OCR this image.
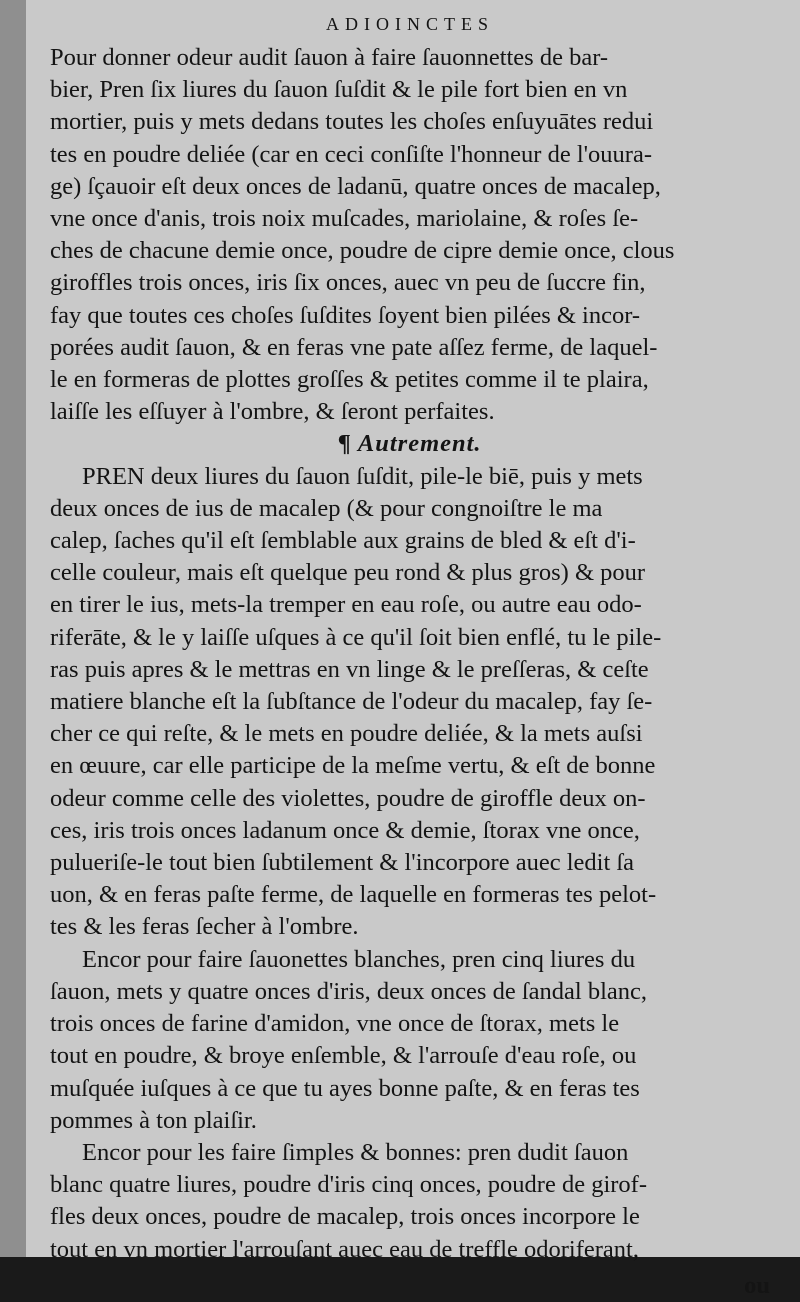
ADIOINCTES
Pour donner odeur audit ſauon à faire ſauonnettes de bar-
bier, Pren ſix liures du ſauon ſuſdit & le pile fort bien en vn
mortier, puis y mets dedans toutes les choſes enſuyuātes redui
tes en poudre deliée (car en ceci conſiſte l'honneur de l'ouura-
ge) ſçauoir eſt deux onces de ladanū, quatre onces de macalep,
vne once d'anis, trois noix muſcades, mariolaine, & roſes ſe-
ches de chacune demie once, poudre de cipre demie once, clous
giroffles trois onces, iris ſix onces, auec vn peu de ſuccre fin,
fay que toutes ces choſes ſuſdites ſoyent bien pilées & incor-
porées audit ſauon, & en feras vne pate aſſez ferme, de laquel-
le en formeras de plottes groſſes & petites comme il te plaira,
laiſſe les eſſuyer à l'ombre, & ſeront perfaites.
¶ Autrement.
PREN deux liures du ſauon ſuſdit, pile-le biē, puis y mets
deux onces de ius de macalep (& pour congnoiſtre le ma
calep, ſaches qu'il eſt ſemblable aux grains de bled & eſt d'i-
celle couleur, mais eſt quelque peu rond & plus gros) & pour
en tirer le ius, mets-la tremper en eau roſe, ou autre eau odo-
riferāte, & le y laiſſe uſques à ce qu'il ſoit bien enflé, tu le pile-
ras puis apres & le mettras en vn linge & le preſſeras, & ceſte
matiere blanche eſt la ſubſtance de l'odeur du macalep, fay ſe-
cher ce qui reſte, & le mets en poudre deliée, & la mets auſsi
en œuure, car elle participe de la meſme vertu, & eſt de bonne
odeur comme celle des violettes, poudre de giroffle deux on-
ces, iris trois onces ladanum once & demie, ſtorax vne once,
pulueriſe-le tout bien ſubtilement & l'incorpore auec ledit ſa
uon, & en feras paſte ferme, de laquelle en formeras tes pelot-
tes & les feras ſecher à l'ombre.
Encor pour faire ſauonettes blanches, pren cinq liures du
ſauon, mets y quatre onces d'iris, deux onces de ſandal blanc,
trois onces de farine d'amidon, vne once de ſtorax, mets le
tout en poudre, & broye enſemble, & l'arrouſe d'eau roſe, ou
muſquée iuſques à ce que tu ayes bonne paſte, & en feras tes
pommes à ton plaiſir.
Encor pour les faire ſimples & bonnes: pren dudit ſauon
blanc quatre liures, poudre d'iris cinq onces, poudre de girof-
fles deux onces, poudre de macalep, trois onces incorpore le
tout en vn mortier l'arrouſant auec eau de treffle odoriferant,
ou
